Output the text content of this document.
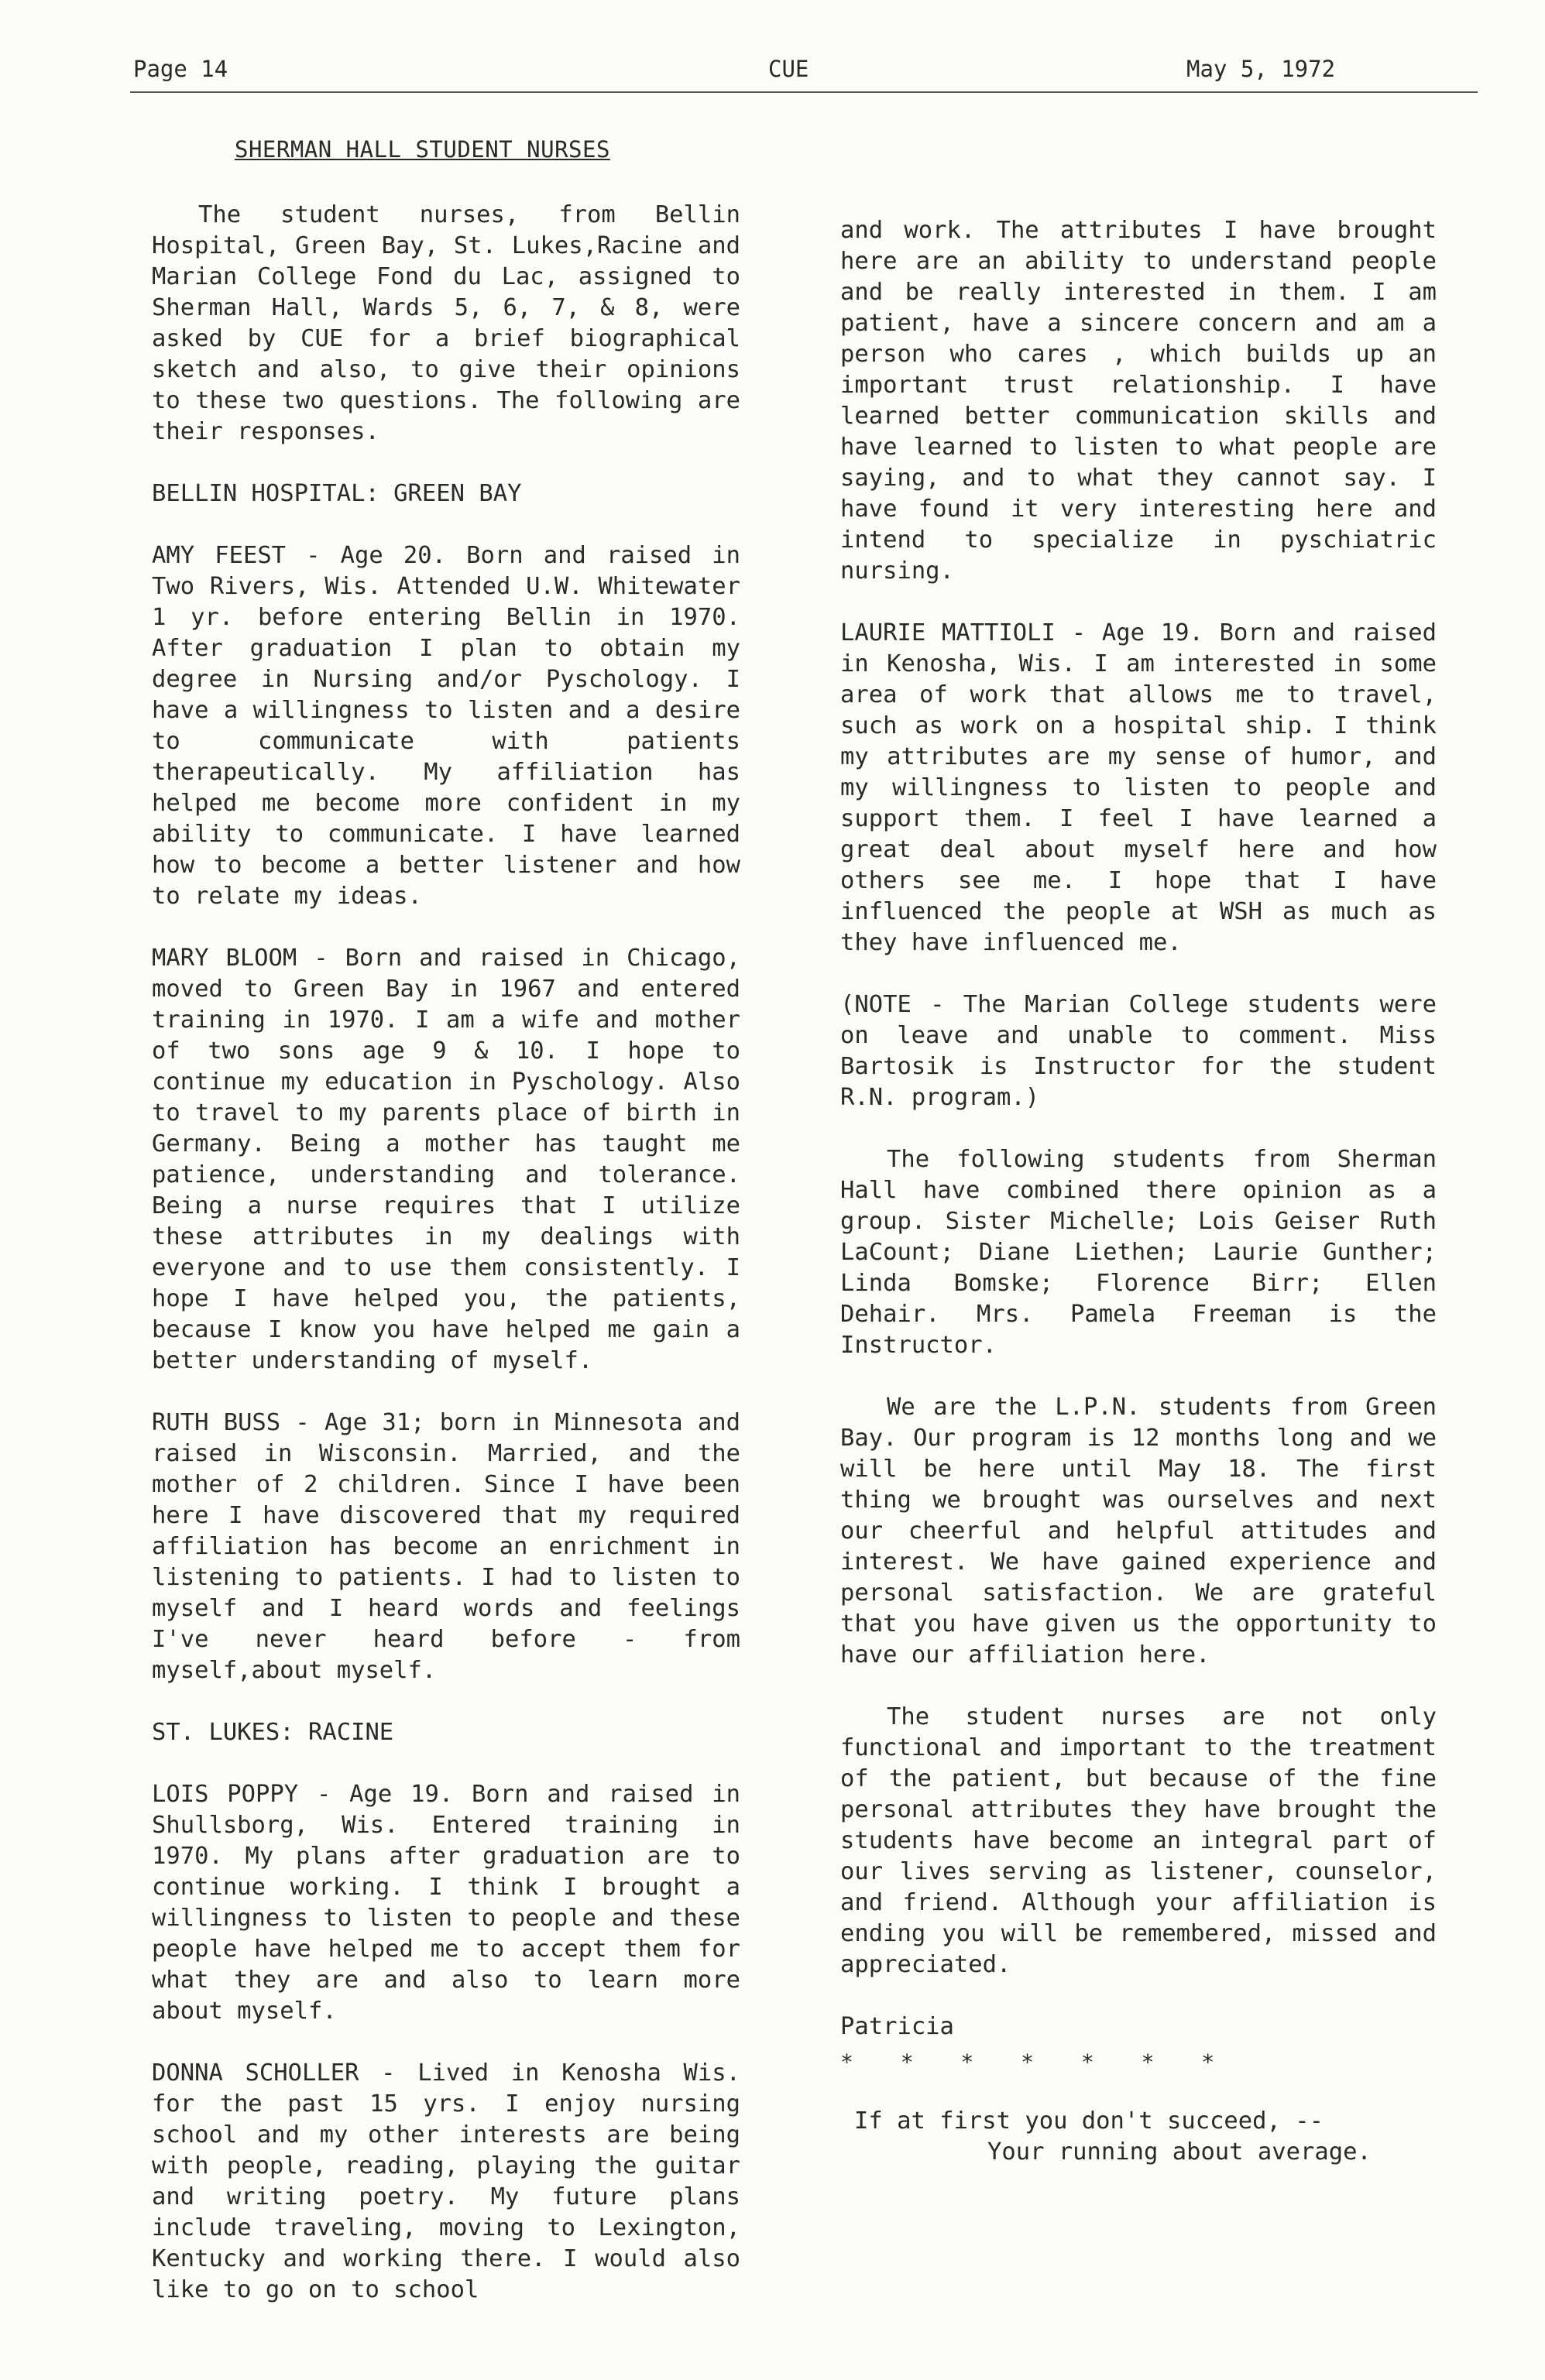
Page 14	CUE	May 5, 1972
SHERMAN HALL STUDENT NURSES

The student nurses, from Bellin Hospital, Green Bay, St. Lukes,Racine and Marian College Fond du Lac, assigned to Sherman Hall, Wards 5, 6, 7, & 8, were asked by CUE for a brief biographical sketch and also, to give their opinions to these two questions. The following are their responses.

BELLIN HOSPITAL: GREEN BAY

AMY FEEST - Age 20. Born and raised in Two Rivers, Wis. Attended U.W. Whitewater 1 yr. before entering Bellin in 1970. After graduation I plan to obtain my degree in Nursing and/or Pyschology. I have a willingness to listen and a desire to communicate with patients therapeutically. My affiliation has helped me become more confident in my ability to communicate. I have learned how to become a better listener and how to relate my ideas.

MARY BLOOM - Born and raised in Chicago, moved to Green Bay in 1967 and entered training in 1970. I am a wife and mother of two sons age 9 & 10. I hope to continue my education in Pyschology. Also to travel to my parents place of birth in Germany. Being a mother has taught me patience, understanding and tolerance. Being a nurse requires that I utilize these attributes in my dealings with everyone and to use them consistently. I hope I have helped you, the patients, because I know you have helped me gain a better understanding of myself.

RUTH BUSS - Age 31; born in Minnesota and raised in Wisconsin. Married, and the mother of 2 children. Since I have been here I have discovered that my required affiliation has become an enrichment in listening to patients. I had to listen to myself and I heard words and feelings I've never heard before - from myself,about myself.

ST. LUKES: RACINE

LOIS POPPY - Age 19. Born and raised in Shullsborg, Wis. Entered training in 1970. My plans after graduation are to continue working. I think I brought a willingness to listen to people and these people have helped me to accept them for what they are and also to learn more about myself.

DONNA SCHOLLER - Lived in Kenosha Wis. for the past 15 yrs. I enjoy nursing school and my other interests are being with people, reading, playing the guitar and writing poetry. My future plans include traveling, moving to Lexington, Kentucky and working there. I would also like to go on to school

and work. The attributes I have brought here are an ability to understand people and be really interested in them. I am patient, have a sincere concern and am a person who cares , which builds up an important trust relationship. I have learned better communication skills and have learned to listen to what people are saying, and to what they cannot say. I have found it very interesting here and intend to specialize in pyschiatric nursing.

LAURIE MATTIOLI - Age 19. Born and raised in Kenosha, Wis. I am interested in some area of work that allows me to travel, such as work on a hospital ship. I think my attributes are my sense of humor, and my willingness to listen to people and support them. I feel I have learned a great deal about myself here and how others see me. I hope that I have influenced the people at WSH as much as they have influenced me.

(NOTE - The Marian College students were on leave and unable to comment. Miss Bartosik is Instructor for the student R.N. program.)

The following students from Sherman Hall have combined there opinion as a group. Sister Michelle; Lois Geiser Ruth LaCount; Diane Liethen; Laurie Gunther; Linda Bomske; Florence Birr; Ellen Dehair. Mrs. Pamela Freeman is the Instructor.

We are the L.P.N. students from Green Bay. Our program is 12 months long and we will be here until May 18. The first thing we brought was ourselves and next our cheerful and helpful attitudes and interest. We have gained experience and personal satisfaction. We are grateful that you have given us the opportunity to have our affiliation here.

The student nurses are not only functional and important to the treatment of the patient, but because of the fine personal attributes they have brought the students have become an integral part of our lives serving as listener, counselor, and friend. Although your affiliation is ending you will be remembered, missed and appreciated.

Patricia

* * * * * * *

If at first you don't succeed, --

Your running about average.
